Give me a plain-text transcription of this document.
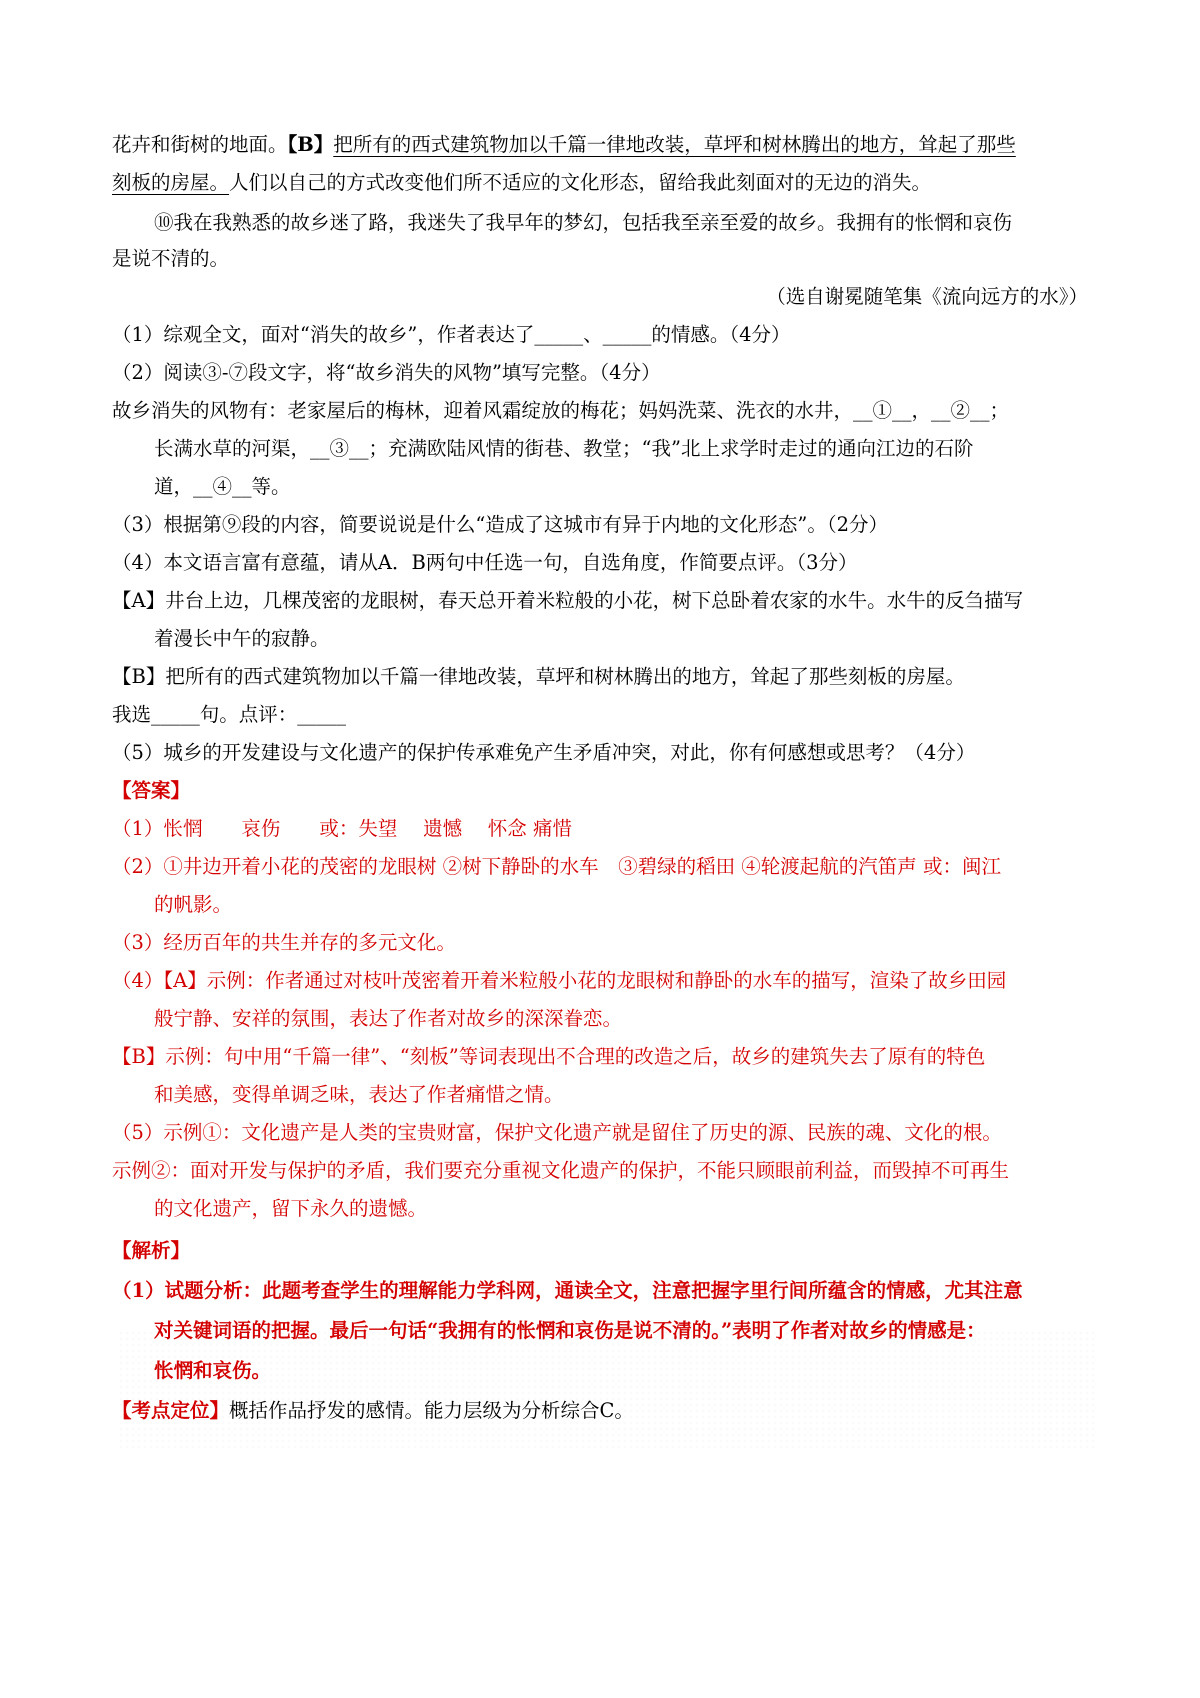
花卉和街树的地面。【B】把所有的西式建筑物加以千篇一律地改装，草坪和树林腾出的地方，耸起了那些
刻板的房屋。人们以自己的方式改变他们所不适应的文化形态，留给我此刻面对的无边的消失。
⑩我在我熟悉的故乡迷了路，我迷失了我早年的梦幻，包括我至亲至爱的故乡。我拥有的怅惘和哀伤
是说不清的。
（选自谢冕随笔集《流向远方的水》）
（1）综观全文，面对“消失的故乡”，作者表达了_____、_____的情感。（4分）
（2）阅读③-⑦段文字，将“故乡消失的风物”填写完整。（4分）
故乡消失的风物有：老家屋后的梅林，迎着风霜绽放的梅花；妈妈洗菜、洗衣的水井，__①__，__②__；
长满水草的河渠，__③__；充满欧陆风情的街巷、教堂；“我”北上求学时走过的通向江边的石阶
道，__④__等。
（3）根据第⑨段的内容，简要说说是什么“造成了这城市有异于内地的文化形态”。（2分）
（4）本文语言富有意蕴，请从A．B两句中任选一句，自选角度，作简要点评。（3分）
【A】井台上边，几棵茂密的龙眼树，春天总开着米粒般的小花，树下总卧着农家的水牛。水牛的反刍描写
着漫长中午的寂静。
【B】把所有的西式建筑物加以千篇一律地改装，草坪和树林腾出的地方，耸起了那些刻板的房屋。
我选_____句。点评：_____
（5）城乡的开发建设与文化遗产的保护传承难免产生矛盾冲突，对此，你有何感想或思考？（4分）
【答案】
（1）怅惘　　哀伤　　或：失望　 遗憾　 怀念 痛惜
（2）①井边开着小花的茂密的龙眼树 ②树下静卧的水车　③碧绿的稻田 ④轮渡起航的汽笛声 或：闽江
的帆影。
（3）经历百年的共生并存的多元文化。
（4）【A】示例：作者通过对枝叶茂密着开着米粒般小花的龙眼树和静卧的水车的描写，渲染了故乡田园
般宁静、安祥的氛围，表达了作者对故乡的深深眷恋。
【B】示例：句中用“千篇一律”、“刻板”等词表现出不合理的改造之后，故乡的建筑失去了原有的特色
和美感，变得单调乏味，表达了作者痛惜之情。
（5）示例①：文化遗产是人类的宝贵财富，保护文化遗产就是留住了历史的源、民族的魂、文化的根。
示例②：面对开发与保护的矛盾，我们要充分重视文化遗产的保护，不能只顾眼前利益，而毁掉不可再生
的文化遗产，留下永久的遗憾。
【解析】
（1）试题分析：此题考查学生的理解能力学科网，通读全文，注意把握字里行间所蕴含的情感，尤其注意
对关键词语的把握。最后一句话“我拥有的怅惘和哀伤是说不清的。”表明了作者对故乡的情感是：
怅惘和哀伤。
【考点定位】概括作品抒发的感情。能力层级为分析综合C。
